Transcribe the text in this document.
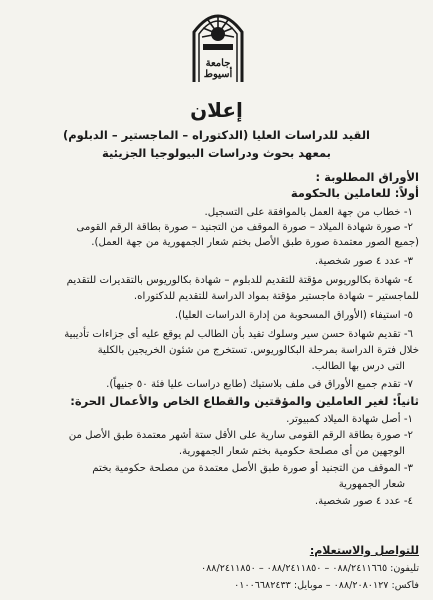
جامعة أسيوط
إعلان
القيد للدراسات العليا (الدكتوراه – الماجستير – الدبلوم)
بمعهد بحوث ودراسات البيولوجيا الجزيئية
الأوراق المطلوبة :
أولاً: للعاملين بالحكومة
١- خطاب من جهة العمل بالموافقة على التسجيل.
٢- صورة شهادة الميلاد – صورة الموقف من التجنيد – صورة بطاقة الرقم القومى
(جميع الصور معتمدة صورة طبق الأصل بختم شعار الجمهورية من جهة العمل).
٣- عدد ٤ صور شخصية.
٤- شهادة بكالوريوس مؤقتة للتقديم للدبلوم – شهادة بكالوريوس بالتقديرات للتقديم
للماجستير – شهادة ماجستير مؤقتة بمواد الدراسة للتقديم للدكتوراه.
٥- استيفاء (الأوراق المسحوبة من إدارة الدراسات العليا).
٦- تقديم شهادة حسن سير وسلوك تفيد بأن الطالب لم يوقع عليه أى جزاءات تأديبية
خلال فترة الدراسة بمرحلة البكالوريوس. تستخرج من شئون الخريجين بالكلية
التى درس بها الطالب.
٧- تقدم جميع الأوراق فى ملف بلاستيك (طابع دراسات عليا فئة ٥٠ جنيهاً).
ثانياً: لغير العاملين والمؤقتين والقطاع الخاص والأعمال الحرة:
١- أصل شهادة الميلاد كمبيوتر.
٢- صورة بطاقة الرقم القومى سارية على الأقل ستة أشهر معتمدة طبق الأصل من
الوجهين من أى مصلحة حكومية بختم شعار الجمهورية.
٣- الموقف من التجنيد أو صورة طبق الأصل معتمدة من مصلحة حكومية بختم
شعار الجمهورية
٤- عدد ٤ صور شخصية.
للتواصل والاستعلام:
تليفون: ٠٨٨/٢٤١١٦٦٥ – ٠٨٨/٢٤١١٨٥٠ – ٠٨٨/٢٤١١٨٥٠
فاكس: ٠٨٨/٢٠٨٠١٢٧ – موبايل: ٠١٠٠٦٦٨٢٤٣٣
